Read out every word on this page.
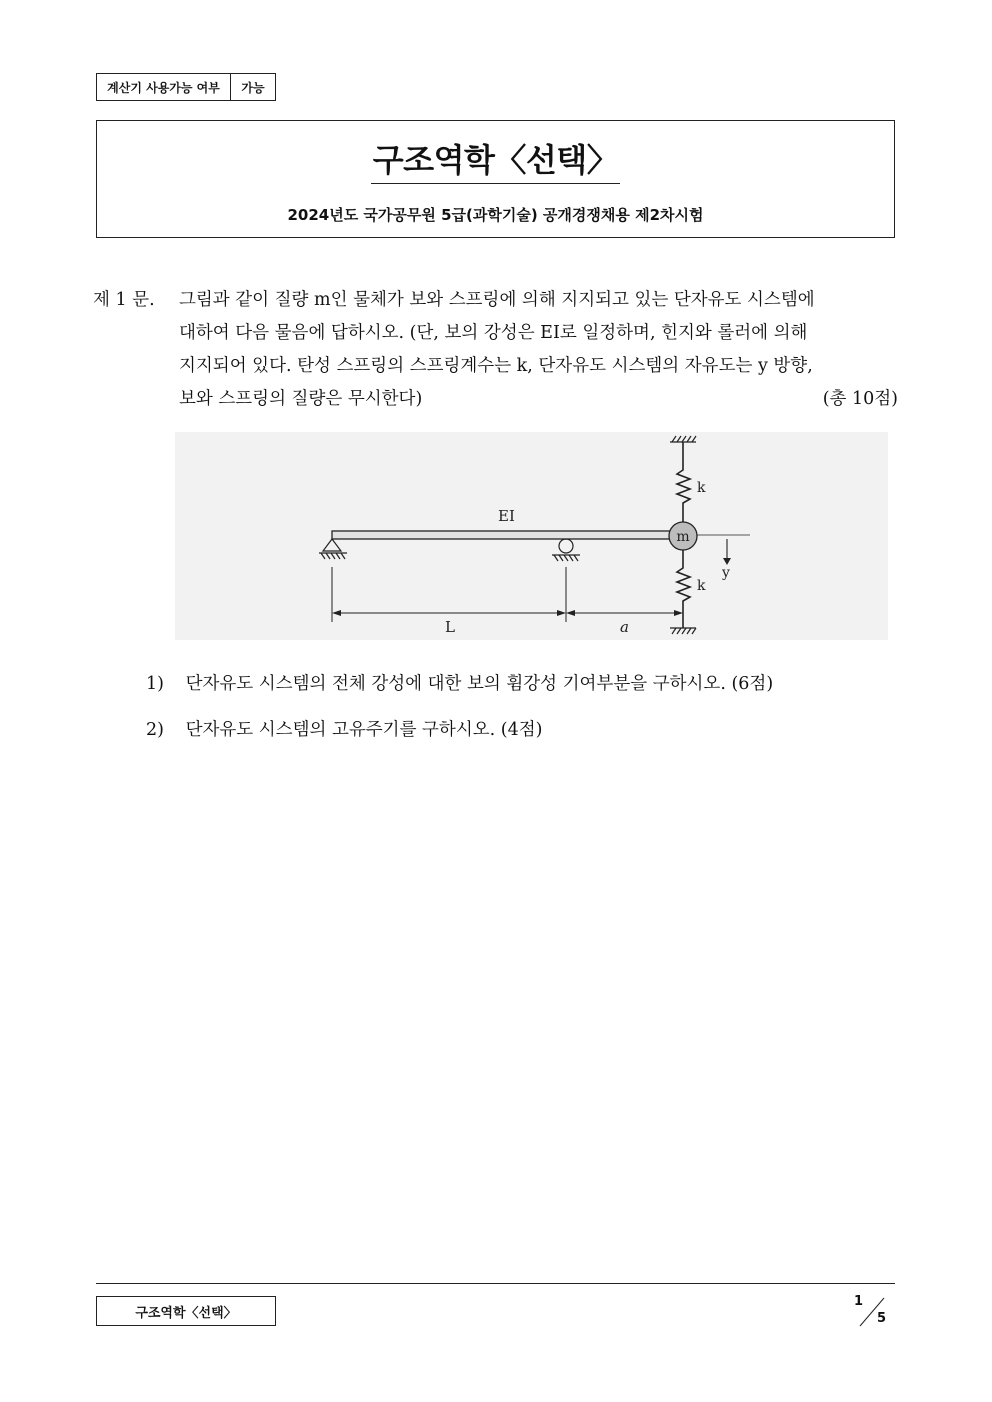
계산기 사용가능 여부	가능
구조역학〈선택〉
2024년도 국가공무원 5급(과학기술) 공개경쟁채용 제2차시험
제 1 문. 그림과 같이 질량 m인 물체가 보와 스프링에 의해 지지되고 있는 단자유도 시스템에
대하여 다음 물음에 답하시오. (단, 보의 강성은 EI로 일정하며, 힌지와 롤러에 의해
지지되어 있다. 탄성 스프링의 스프링계수는 k, 단자유도 시스템의 자유도는 y 방향,
보와 스프링의 질량은 무시한다)	(총 10점)
k
EI
k
m
y
L	a
1) 단자유도 시스템의 전체 강성에 대한 보의 휨강성 기여부분을 구하시오. (6점)
2) 단자유도 시스템의 고유주기를 구하시오. (4점)
구조역학〈선택〉
1
5
